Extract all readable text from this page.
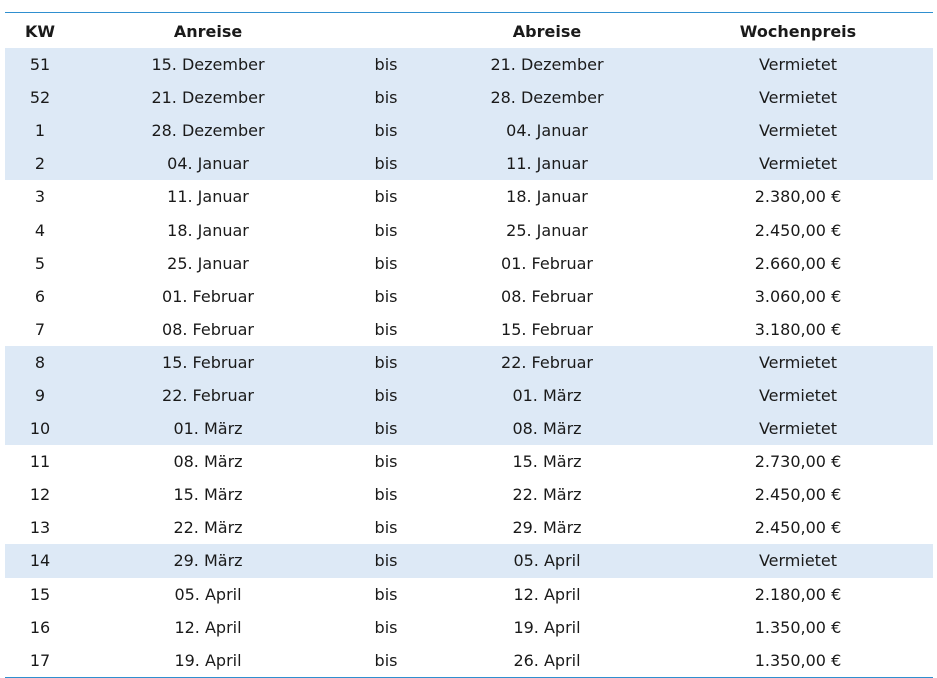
KW	Anreise		Abreise	Wochenpreis
51	15. Dezember	bis	21. Dezember	Vermietet
52	21. Dezember	bis	28. Dezember	Vermietet
1	28. Dezember	bis	04. Januar	Vermietet
2	04. Januar	bis	11. Januar	Vermietet
3	11. Januar	bis	18. Januar	2.380,00 €
4	18. Januar	bis	25. Januar	2.450,00 €
5	25. Januar	bis	01. Februar	2.660,00 €
6	01. Februar	bis	08. Februar	3.060,00 €
7	08. Februar	bis	15. Februar	3.180,00 €
8	15. Februar	bis	22. Februar	Vermietet
9	22. Februar	bis	01. März	Vermietet
10	01. März	bis	08. März	Vermietet
11	08. März	bis	15. März	2.730,00 €
12	15. März	bis	22. März	2.450,00 €
13	22. März	bis	29. März	2.450,00 €
14	29. März	bis	05. April	Vermietet
15	05. April	bis	12. April	2.180,00 €
16	12. April	bis	19. April	1.350,00 €
17	19. April	bis	26. April	1.350,00 €
